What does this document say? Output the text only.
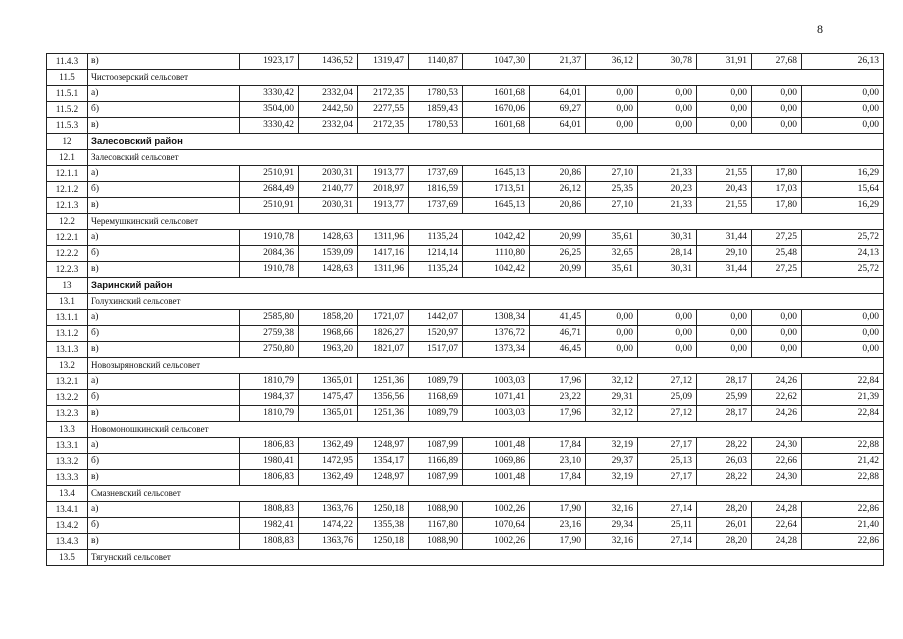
8
11.4.3	в)	1923,17	1436,52	1319,47	1140,87	1047,30	21,37	36,12	30,78	31,91	27,68	26,13
11.5	Чистоозерский сельсовет											
11.5.1	а)	3330,42	2332,04	2172,35	1780,53	1601,68	64,01	0,00	0,00	0,00	0,00	0,00
11.5.2	б)	3504,00	2442,50	2277,55	1859,43	1670,06	69,27	0,00	0,00	0,00	0,00	0,00
11.5.3	в)	3330,42	2332,04	2172,35	1780,53	1601,68	64,01	0,00	0,00	0,00	0,00	0,00
12	Залесовский район											
12.1	Залесовский сельсовет											
12.1.1	а)	2510,91	2030,31	1913,77	1737,69	1645,13	20,86	27,10	21,33	21,55	17,80	16,29
12.1.2	б)	2684,49	2140,77	2018,97	1816,59	1713,51	26,12	25,35	20,23	20,43	17,03	15,64
12.1.3	в)	2510,91	2030,31	1913,77	1737,69	1645,13	20,86	27,10	21,33	21,55	17,80	16,29
12.2	Черемушкинский сельсовет											
12.2.1	а)	1910,78	1428,63	1311,96	1135,24	1042,42	20,99	35,61	30,31	31,44	27,25	25,72
12.2.2	б)	2084,36	1539,09	1417,16	1214,14	1110,80	26,25	32,65	28,14	29,10	25,48	24,13
12.2.3	в)	1910,78	1428,63	1311,96	1135,24	1042,42	20,99	35,61	30,31	31,44	27,25	25,72
13	Заринский район											
13.1	Голухинский сельсовет											
13.1.1	а)	2585,80	1858,20	1721,07	1442,07	1308,34	41,45	0,00	0,00	0,00	0,00	0,00
13.1.2	б)	2759,38	1968,66	1826,27	1520,97	1376,72	46,71	0,00	0,00	0,00	0,00	0,00
13.1.3	в)	2750,80	1963,20	1821,07	1517,07	1373,34	46,45	0,00	0,00	0,00	0,00	0,00
13.2	Новозыряновский сельсовет											
13.2.1	а)	1810,79	1365,01	1251,36	1089,79	1003,03	17,96	32,12	27,12	28,17	24,26	22,84
13.2.2	б)	1984,37	1475,47	1356,56	1168,69	1071,41	23,22	29,31	25,09	25,99	22,62	21,39
13.2.3	в)	1810,79	1365,01	1251,36	1089,79	1003,03	17,96	32,12	27,12	28,17	24,26	22,84
13.3	Новомоношкинский сельсовет											
13.3.1	а)	1806,83	1362,49	1248,97	1087,99	1001,48	17,84	32,19	27,17	28,22	24,30	22,88
13.3.2	б)	1980,41	1472,95	1354,17	1166,89	1069,86	23,10	29,37	25,13	26,03	22,66	21,42
13.3.3	в)	1806,83	1362,49	1248,97	1087,99	1001,48	17,84	32,19	27,17	28,22	24,30	22,88
13.4	Смазневский сельсовет											
13.4.1	а)	1808,83	1363,76	1250,18	1088,90	1002,26	17,90	32,16	27,14	28,20	24,28	22,86
13.4.2	б)	1982,41	1474,22	1355,38	1167,80	1070,64	23,16	29,34	25,11	26,01	22,64	21,40
13.4.3	в)	1808,83	1363,76	1250,18	1088,90	1002,26	17,90	32,16	27,14	28,20	24,28	22,86
13.5	Тягунский сельсовет											
